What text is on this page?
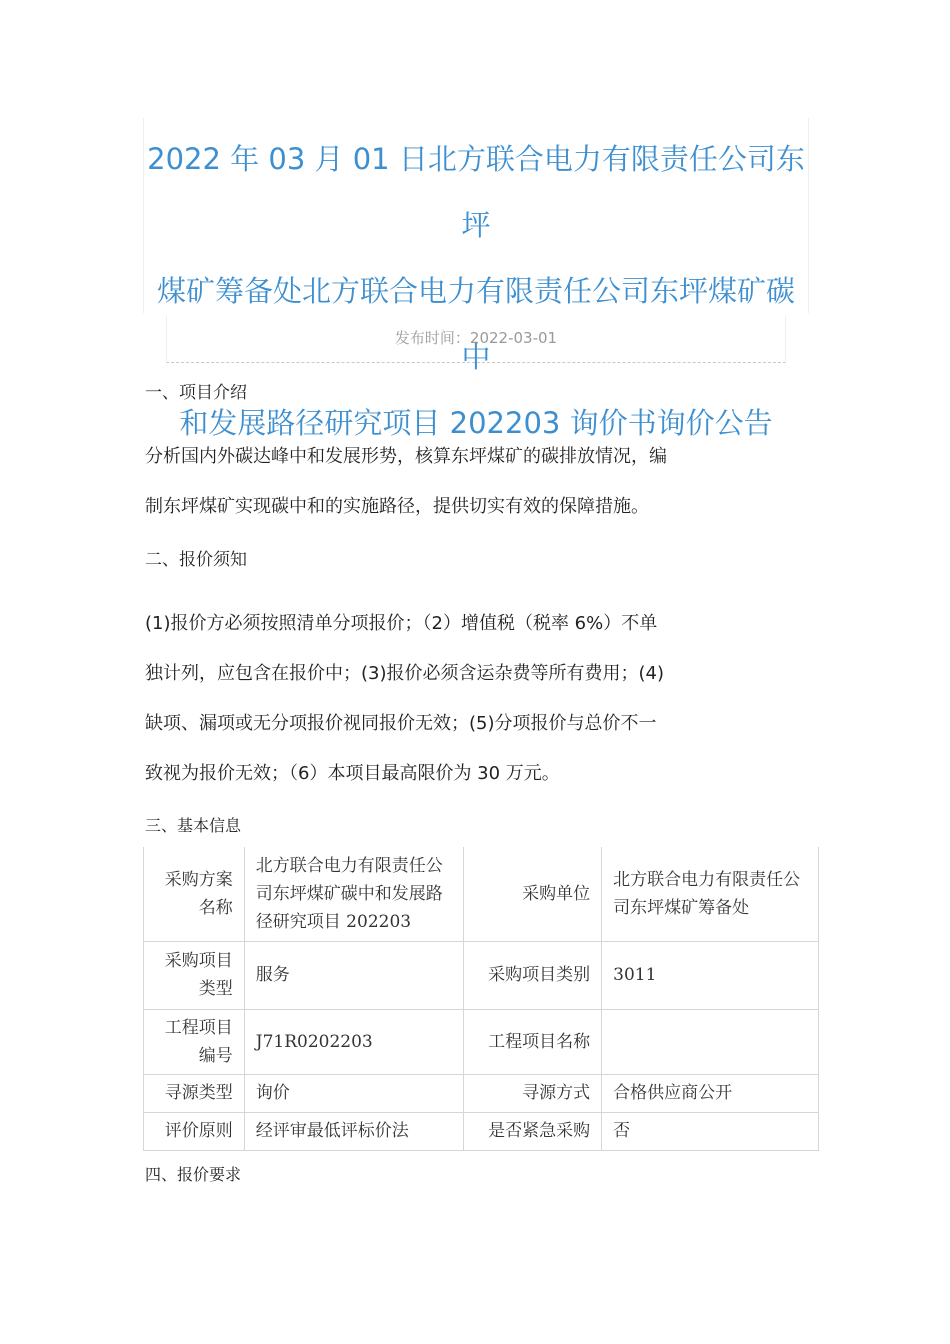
2022 年 03 月 01 日北方联合电力有限责任公司东坪
煤矿筹备处北方联合电力有限责任公司东坪煤矿碳中
和发展路径研究项目 202203 询价书询价公告
发布时间：2022-03-01
一、项目介绍
分析国内外碳达峰中和发展形势，核算东坪煤矿的碳排放情况，编
制东坪煤矿实现碳中和的实施路径，提供切实有效的保障措施。
二、报价须知
(1)报价方必须按照清单分项报价；（2）增值税（税率 6%）不单
独计列，应包含在报价中；(3)报价必须含运杂费等所有费用；(4)
缺项、漏项或无分项报价视同报价无效；(5)分项报价与总价不一
致视为报价无效；（6）本项目最高限价为 30 万元。
三、基本信息
采购方案名称	北方联合电力有限责任公司东坪煤矿碳中和发展路径研究项目 202203	采购单位	北方联合电力有限责任公司东坪煤矿筹备处
采购项目类型	服务	采购项目类别	3011
工程项目编号	J71R0202203	工程项目名称	
寻源类型	询价	寻源方式	合格供应商公开
评价原则	经评审最低评标价法	是否紧急采购	否
四、报价要求
